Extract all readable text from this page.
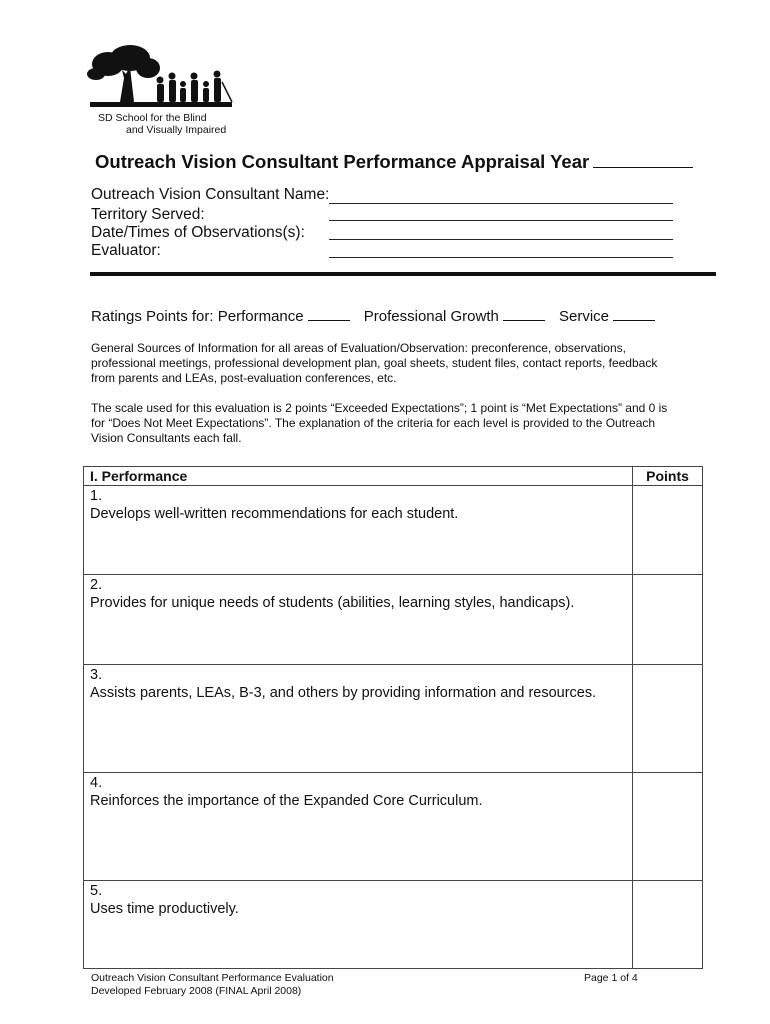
SD School for the Blind
and Visually Impaired
Outreach Vision Consultant Performance Appraisal Year
Outreach Vision Consultant Name:
Territory Served:
Date/Times of Observations(s):
Evaluator:
Ratings Points for: Performance	Professional Growth	Service
General Sources of Information for all areas of Evaluation/Observation: preconference, observations, professional meetings, professional development plan, goal sheets, student files, contact reports, feedback from parents and LEAs, post-evaluation conferences, etc.
The scale used for this evaluation is 2 points “Exceeded Expectations”; 1 point is “Met Expectations” and 0 is for “Does Not Meet Expectations”. The explanation of the criteria for each level is provided to the Outreach Vision Consultants each fall.
I. Performance	Points
1.Develops well-written recommendations for each student.	
2.Provides for unique needs of students (abilities, learning styles, handicaps).	
3.Assists parents, LEAs, B-3, and others by providing information and resources.	
4.Reinforces the importance of the Expanded Core Curriculum.	
5.Uses time productively.	
Outreach Vision Consultant Performance Evaluation
Developed February 2008 (FINAL April 2008)
Page 1 of 4
